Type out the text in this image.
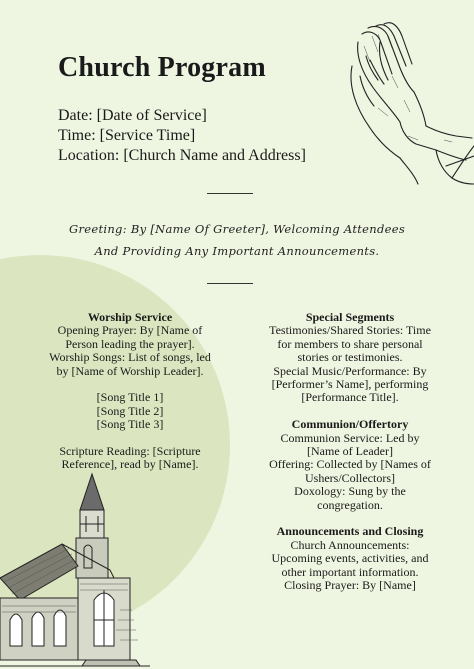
Church Program
Date: [Date of Service]
Time: [Service Time]
Location: [Church Name and Address]
Greeting: By [Name Of Greeter], Welcoming Attendees
And Providing Any Important Announcements.
Worship Service
Opening Prayer: By [Name of
Person leading the prayer].
Worship Songs: List of songs, led
by [Name of Worship Leader].
[Song Title 1]
[Song Title 2]
[Song Title 3]
Scripture Reading: [Scripture
Reference], read by [Name].
Special Segments
Testimonies/Shared Stories: Time
for members to share personal
stories or testimonies.
Special Music/Performance: By
[Performer’s Name], performing
[Performance Title].
Communion/Offertory
Communion Service: Led by
[Name of Leader]
Offering: Collected by [Names of
Ushers/Collectors]
Doxology: Sung by the
congregation.
Announcements and Closing
Church Announcements:
Upcoming events, activities, and
other important information.
Closing Prayer: By [Name]
